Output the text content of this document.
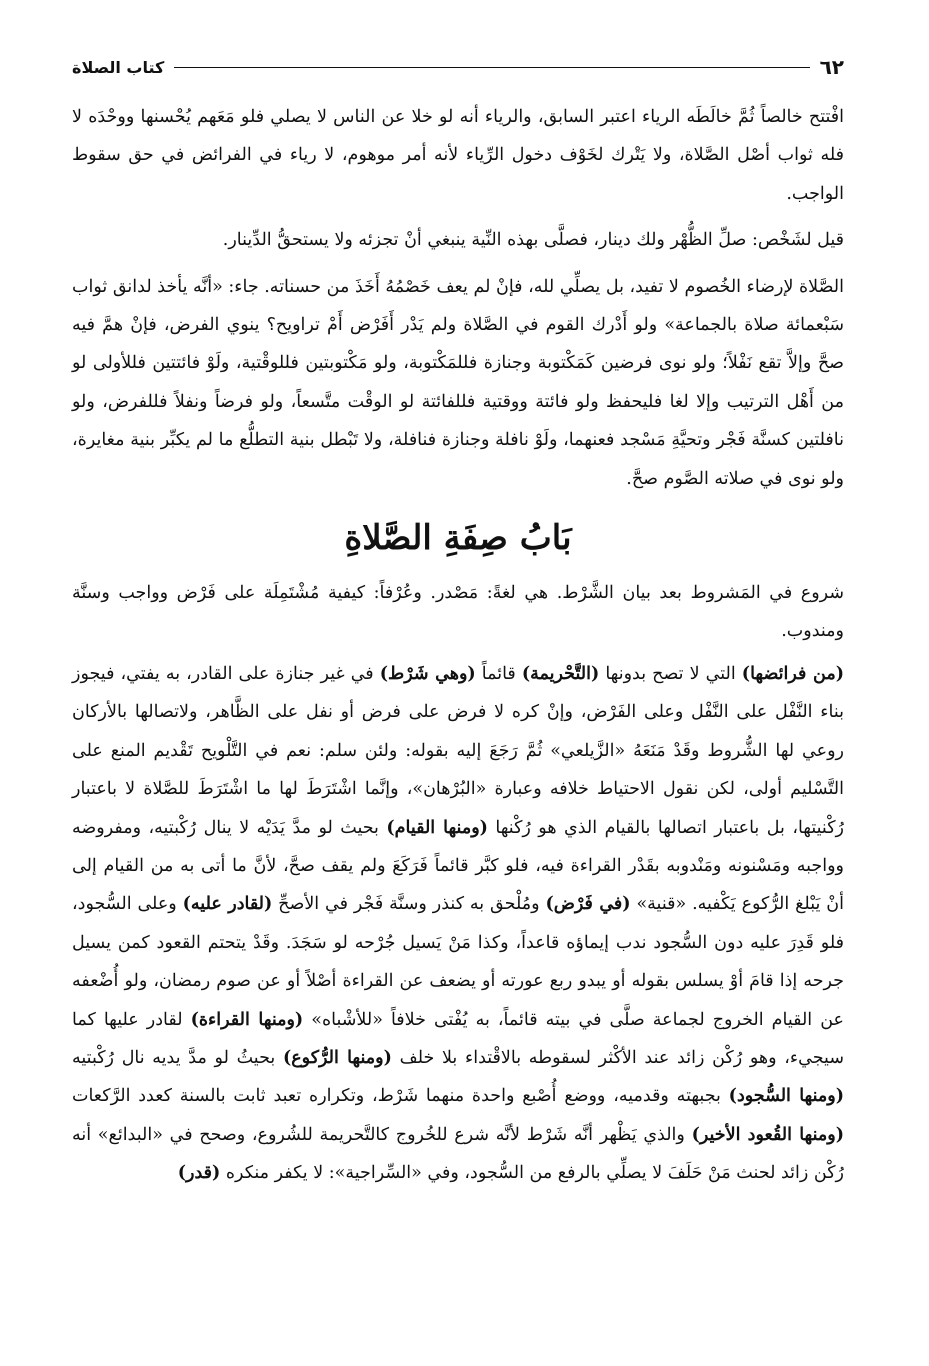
٦٢
كتاب الصلاة

افْتتح خالصاً ثُمَّ خالَطَه الرياء اعتبر السابق، والرياء أنه لو خلا عن الناس لا يصلي فلو مَعَهم يُحْسنها ووحْدَه لا فله ثواب أصْل الصَّلاة، ولا يَتْرك لخَوْف دخول الرِّياء لأنه أمر موهوم، لا رياء في الفرائض في حق سقوط الواجب.

قيل لشَخْص: صلِّ الظُّهْر ولك دينار، فصلَّى بهذه النِّية ينبغي أنْ تجزئه ولا يستحقُّ الدِّينار.

الصَّلاة لإرضاء الخُصوم لا تفيد، بل يصلِّي لله، فإنْ لم يعف خَصْمُهُ أَخَذَ من حسناته. جاء: «أنَّه يأخذ لدانق ثواب سَبْعمائة صلاة بالجماعة» ولو أَدْرك القوم في الصَّلاة ولم يَدْر أَفَرْض أَمْ تراويح؟ ينوي الفرض، فإنْ همَّ فيه صحَّ وإلاَّ تقع نَفْلاً؛ ولو نوى فرضين كَمَكْتوبة وجنازة فللمَكْتوبة، ولو مَكْتوبتين فللوقْتية، ولَوْ فائتتين فللأولى لو من أَهْل الترتيب وإلا لغا فليحفظ ولو فائتة ووقتية فللفائتة لو الوقْت متَّسعاً، ولو فرضاً ونفلاً فللفرض، ولو نافلتين كسنَّة فَجْر وتحيَّةِ مَسْجد فعنهما، ولَوْ نافلة وجنازة فنافلة، ولا تَبْطل بنية التطلُّع ما لم يكبِّر بنية مغايرة، ولو نوى في صلاته الصَّوم صحَّ.

بَابُ صِفَةِ الصَّلاةِ

شروع في المَشروط بعد بيان الشَّرْط. هي لغةً: مَصْدر. وعُرْفاً: كيفية مُشْتَمِلَة على فَرْض وواجب وسنَّة ومندوب.

(من فرائضها) التي لا تصح بدونها (التَّحْريمة) قائماً (وهي شَرْط) في غير جنازة على القادر، به يفتي، فيجوز بناء النَّفْل على النَّفْل وعلى الفَرْض، وإنْ كره لا فرض على فرض أو نفل على الظَّاهر، ولاتصالها بالأركان روعي لها الشُّروط وقَدْ مَنَعَهُ «الزَّيلعي» ثُمَّ رَجَعَ إليه بقوله: ولئن سلم: نعم في التَّلْويح تَقْديم المنع على التَّسْليم أولى، لكن نقول الاحتياط خلافه وعبارة «البُرْهان»، وإنَّما اشْتَرَطَ لها ما اشْتَرَطَ للصَّلاة لا باعتبار رُكْنيتها، بل باعتبار اتصالها بالقيام الذي هو رُكْنها (ومنها القيام) بحيث لو مدَّ يَدَيْه لا ينال رُكْبتيه، ومفروضه وواجبه ومَسْنونه ومَنْدوبه بقَدْر القراءة فيه، فلو كبَّر قائماً فَرَكَعَ ولم يقف صحَّ، لأنَّ ما أتى به من القيام إلى أنْ يَبْلغ الرُّكوع يَكْفيه. «قنية» (في فَرْض) ومُلْحق به كنذر وسنَّة فَجْر في الأصحِّ (لقادر عليه) وعلى السُّجود، فلو قَدِرَ عليه دون السُّجود ندب إيماؤه قاعداً، وكذا مَنْ يَسيل جُرْحه لو سَجَدَ. وقَدْ يتحتم القعود كمن يسيل جرحه إذا قامَ أوْ يسلس بقوله أو يبدو ربع عورته أو يضعف عن القراءة أصْلاً أو عن صوم رمضان، ولو أُضْعفه عن القيام الخروج لجماعة صلَّى في بيته قائماً، به يُفْتى خلافاً «للأشْباه» (ومنها القراءة) لقادر عليها كما سيجيء، وهو رُكْن زائد عند الأكْثر لسقوطه بالاقْتداء بلا خلف (ومنها الرُّكوع) بحيثُ لو مدَّ يديه نال رُكْبتيه (ومنها السُّجود) بجبهته وقدميه، ووضع أُصْبع واحدة منهما شَرْط، وتكراره تعبد ثابت بالسنة كعدد الرَّكعات (ومنها القُعود الأخير) والذي يَظْهر أنَّه شَرْط لأنَّه شرع للخُروج كالتَّحريمة للشُروع، وصحح في «البدائع» أنه رُكْن زائد لحنث مَنْ حَلَفَ لا يصلِّي بالرفع من السُّجود، وفي «السِّراجية»: لا يكفر منكره (قدر)
